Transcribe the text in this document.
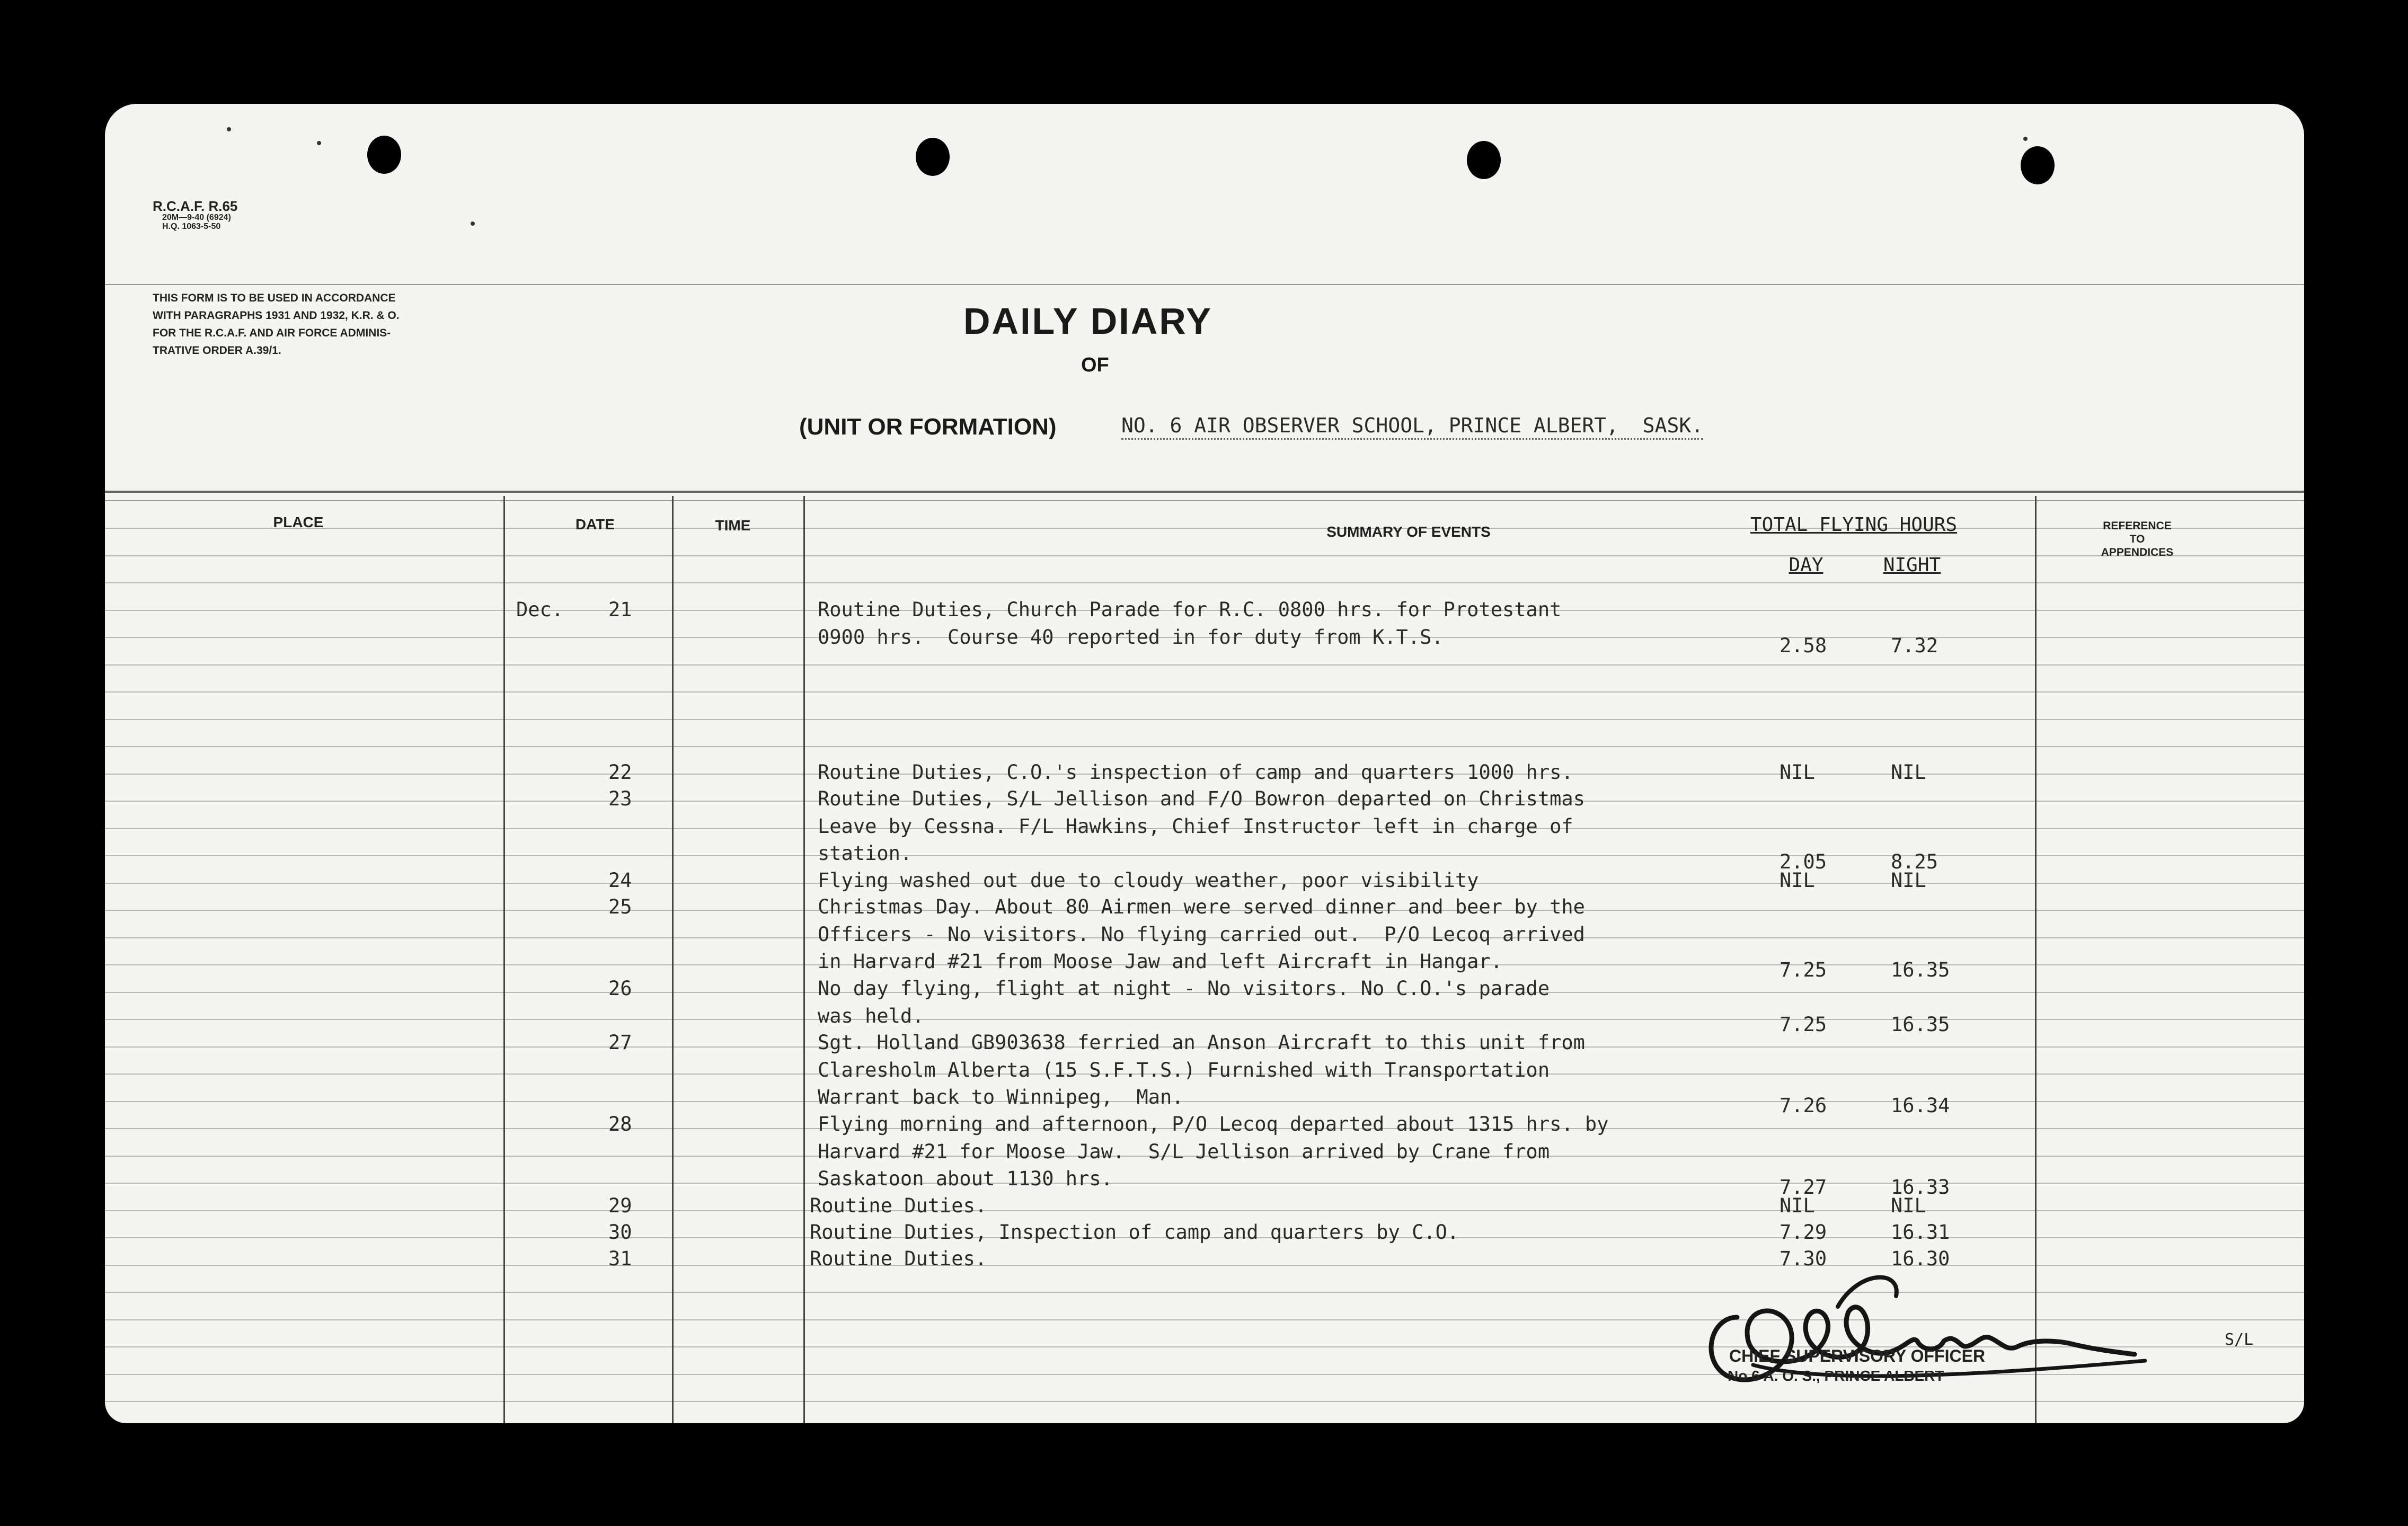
R.C.A.F. R.65
20M—9-40 (6924)
H.Q. 1063-5-50
THIS FORM IS TO BE USED IN ACCORDANCE
WITH PARAGRAPHS 1931 AND 1932, K.R. & O.
FOR THE R.C.A.F. AND AIR FORCE ADMINIS-
TRATIVE ORDER A.39/1.
DAILY DIARY
OF
(UNIT OR FORMATION)	NO. 6 AIR OBSERVER SCHOOL, PRINCE ALBERT,  SASK.
PLACE	DATE	TIME	SUMMARY OF EVENTS	TOTAL FLYING HOURS
DAY	NIGHT
REFERENCE
TO
APPENDICES
Dec. 21	Routine Duties, Church Parade for R.C. 0800 hrs. for Protestant
0900 hrs.  Course 40 reported in for duty from K.T.S.	2.58	7.32
22	Routine Duties, C.O.'s inspection of camp and quarters 1000 hrs.	NIL	NIL
23	Routine Duties, S/L Jellison and F/O Bowron departed on Christmas
Leave by Cessna. F/L Hawkins, Chief Instructor left in charge of
station.	2.05	8.25
24	Flying washed out due to cloudy weather, poor visibility	NIL	NIL
25	Christmas Day. About 80 Airmen were served dinner and beer by the
Officers - No visitors. No flying carried out.  P/O Lecoq arrived
in Harvard #21 from Moose Jaw and left Aircraft in Hangar.	7.25	16.35
26	No day flying, flight at night - No visitors. No C.O.'s parade
was held.	7.25	16.35
27	Sgt. Holland GB903638 ferried an Anson Aircraft to this unit from
Claresholm Alberta (15 S.F.T.S.) Furnished with Transportation
Warrant back to Winnipeg,  Man.	7.26	16.34
28	Flying morning and afternoon, P/O Lecoq departed about 1315 hrs. by
Harvard #21 for Moose Jaw.  S/L Jellison arrived by Crane from
Saskatoon about 1130 hrs.	7.27	16.33
29	Routine Duties.	NIL	NIL
30	Routine Duties, Inspection of camp and quarters by C.O.	7.29	16.31
31	Routine Duties.	7.30	16.30
S/L
CHIEF SUPERVISORY OFFICER
No 6 A. O. S., PRINCE ALBERT
